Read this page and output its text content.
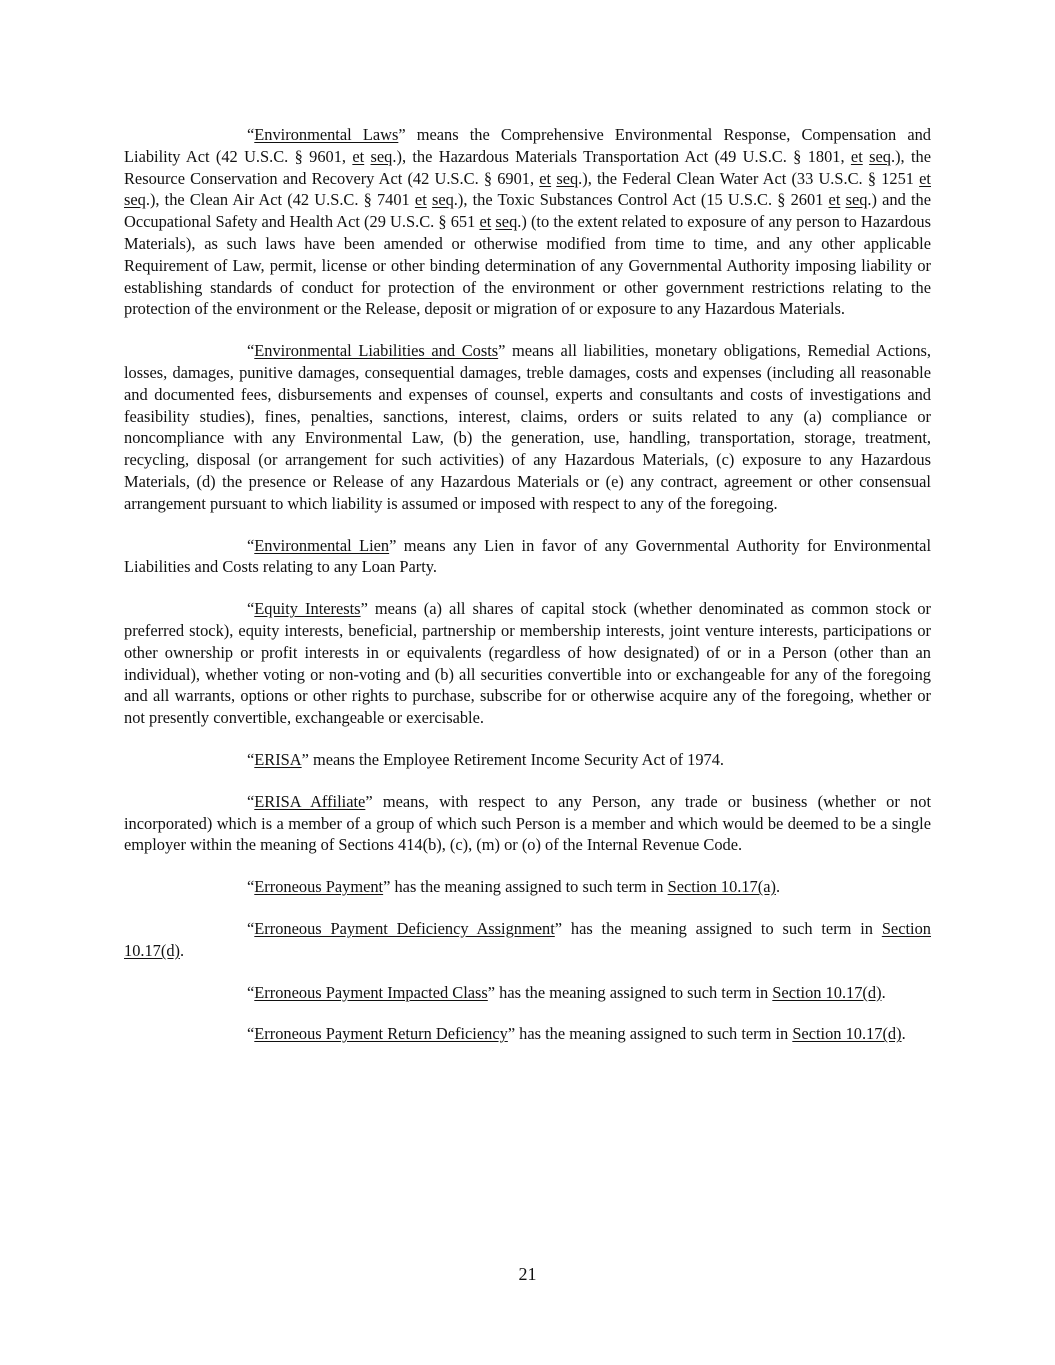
“Environmental Laws” means the Comprehensive Environmental Response, Compensation and Liability Act (42 U.S.C. § 9601, et seq.), the Hazardous Materials Transportation Act (49 U.S.C. § 1801, et seq.), the Resource Conservation and Recovery Act (42 U.S.C. § 6901, et seq.), the Federal Clean Water Act (33 U.S.C. § 1251 et seq.), the Clean Air Act (42 U.S.C. § 7401 et seq.), the Toxic Substances Control Act (15 U.S.C. § 2601 et seq.) and the Occupational Safety and Health Act (29 U.S.C. § 651 et seq.) (to the extent related to exposure of any person to Hazardous Materials), as such laws have been amended or otherwise modified from time to time, and any other applicable Requirement of Law, permit, license or other binding determination of any Governmental Authority imposing liability or establishing standards of conduct for protection of the environment or other government restrictions relating to the protection of the environment or the Release, deposit or migration of or exposure to any Hazardous Materials.

“Environmental Liabilities and Costs” means all liabilities, monetary obligations, Remedial Actions, losses, damages, punitive damages, consequential damages, treble damages, costs and expenses (including all reasonable and documented fees, disbursements and expenses of counsel, experts and consultants and costs of investigations and feasibility studies), fines, penalties, sanctions, interest, claims, orders or suits related to any (a) compliance or noncompliance with any Environmental Law, (b) the generation, use, handling, transportation, storage, treatment, recycling, disposal (or arrangement for such activities) of any Hazardous Materials, (c) exposure to any Hazardous Materials, (d) the presence or Release of any Hazardous Materials or (e) any contract, agreement or other consensual arrangement pursuant to which liability is assumed or imposed with respect to any of the foregoing.

“Environmental Lien” means any Lien in favor of any Governmental Authority for Environmental Liabilities and Costs relating to any Loan Party.

“Equity Interests” means (a) all shares of capital stock (whether denominated as common stock or preferred stock), equity interests, beneficial, partnership or membership interests, joint venture interests, participations or other ownership or profit interests in or equivalents (regardless of how designated) of or in a Person (other than an individual), whether voting or non-voting and (b) all securities convertible into or exchangeable for any of the foregoing and all warrants, options or other rights to purchase, subscribe for or otherwise acquire any of the foregoing, whether or not presently convertible, exchangeable or exercisable.

“ERISA” means the Employee Retirement Income Security Act of 1974.

“ERISA Affiliate” means, with respect to any Person, any trade or business (whether or not incorporated) which is a member of a group of which such Person is a member and which would be deemed to be a single employer within the meaning of Sections 414(b), (c), (m) or (o) of the Internal Revenue Code.

“Erroneous Payment” has the meaning assigned to such term in Section 10.17(a).

“Erroneous Payment Deficiency Assignment” has the meaning assigned to such term in Section 10.17(d).

“Erroneous Payment Impacted Class” has the meaning assigned to such term in Section 10.17(d).

“Erroneous Payment Return Deficiency” has the meaning assigned to such term in Section 10.17(d).

21
